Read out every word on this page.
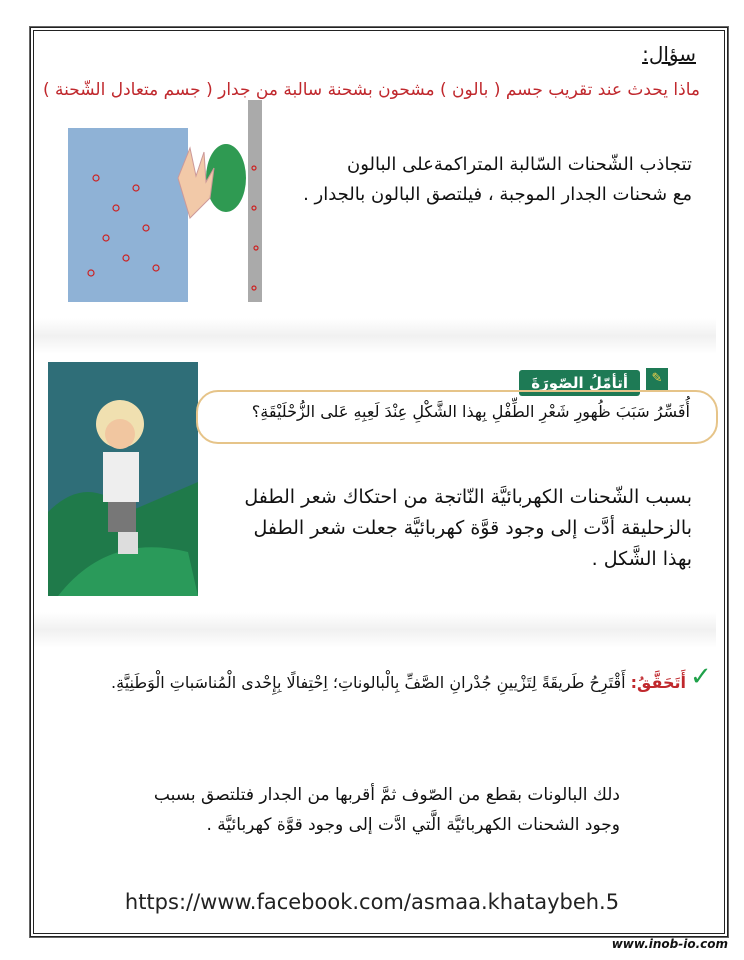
سؤال:
ماذا يحدث عند تقريب جسم ( بالون ) مشحون بشحنة سالبة من جدار ( جسم متعادل الشّحنة )
تتجاذب الشّحنات السّالبة المتراكمةعلى البالون
مع شحنات الجدار الموجبة ، فيلتصق البالون بالجدار .
أتأمّلُ الصّورَةَ	✎
أُفَسِّرُ سَبَبَ ظُهورِ شَعْرِ الطِّفْلِ بِهذا الشَّكْلِ عِنْدَ لَعِبِهِ عَلى الزُّحْلَيْقَةِ؟
بسبب الشّحنات الكهربائيَّة النّاتجة من احتكاك شعر الطفل بالزحليقة أدَّت إلى وجود قوَّة كهربائيَّة جعلت شعر الطفل بهذا الشَّكل .
✓
أَتَحَقَّقُ: أَقْتَرِحُ طَريقَةً لِتَزْيينِ جُدْرانِ الصَّفِّ بِالْبالوناتِ؛ اِحْتِفالًا بِإِحْدى الْمُناسَباتِ الْوَطَنِيَّةِ.
دلك البالونات بقطع من الصّوف ثمَّ أقربها من الجدار فتلتصق بسبب
وجود الشحنات الكهربائيَّة الَّتي ادَّت إلى وجود قوَّة كهربائيَّة .
https://www.facebook.com/asmaa.khataybeh.5
www.inob-io.com
